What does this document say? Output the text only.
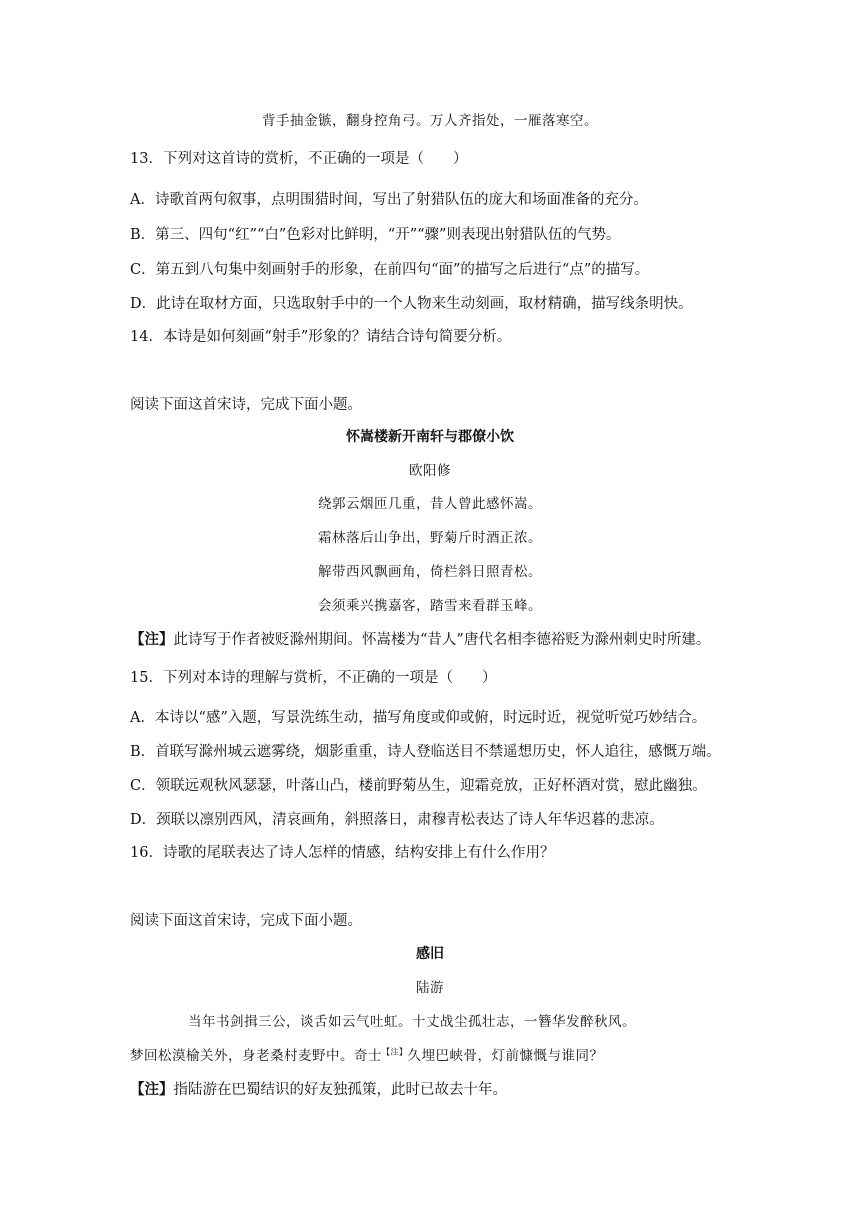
背手抽金镞，翻身控角弓。万人齐指处，一雁落寒空。
13．下列对这首诗的赏析，不正确的一项是（　　）
A．诗歌首两句叙事，点明围猎时间，写出了射猎队伍的庞大和场面准备的充分。
B．第三、四句“红”“白”色彩对比鲜明，“开”“骤”则表现出射猎队伍的气势。
C．第五到八句集中刻画射手的形象，在前四句“面”的描写之后进行“点”的描写。
D．此诗在取材方面，只选取射手中的一个人物来生动刻画，取材精确，描写线条明快。
14．本诗是如何刻画“射手”形象的？请结合诗句简要分析。
阅读下面这首宋诗，完成下面小题。
怀嵩楼新开南轩与郡僚小饮
欧阳修
绕郭云烟匝几重，昔人曾此感怀嵩。
霜林落后山争出，野菊斤时酒正浓。
解带西风飘画角，倚栏斜日照青松。
会须乘兴携嘉客，踏雪来看群玉峰。
【注】此诗写于作者被贬滁州期间。怀嵩楼为“昔人”唐代名相李德裕贬为滁州刺史时所建。
15．下列对本诗的理解与赏析，不正确的一项是（　　）
A．本诗以“感”入题，写景洗练生动，描写角度或仰或俯，时远时近，视觉听觉巧妙结合。
B．首联写滁州城云遮雾绕，烟影重重，诗人登临送目不禁遥想历史，怀人追往，感慨万端。
C．领联远观秋风瑟瑟，叶落山凸，楼前野菊丛生，迎霜竞放，正好杯酒对赏，慰此幽独。
D．颈联以凛别西风，清哀画角，斜照落日，肃穆青松表达了诗人年华迟暮的悲凉。
16．诗歌的尾联表达了诗人怎样的情感，结构安排上有什么作用？
阅读下面这首宋诗，完成下面小题。
感旧
陆游
当年书剑揖三公，谈舌如云气吐虹。十丈战尘孤壮志，一簪华发醉秋风。
梦回松漠榆关外，身老桑村麦野中。奇士$^{【注】}$久埋巴峡骨，灯前慷慨与谁同？
【注】指陆游在巴蜀结识的好友独孤策，此时已故去十年。
